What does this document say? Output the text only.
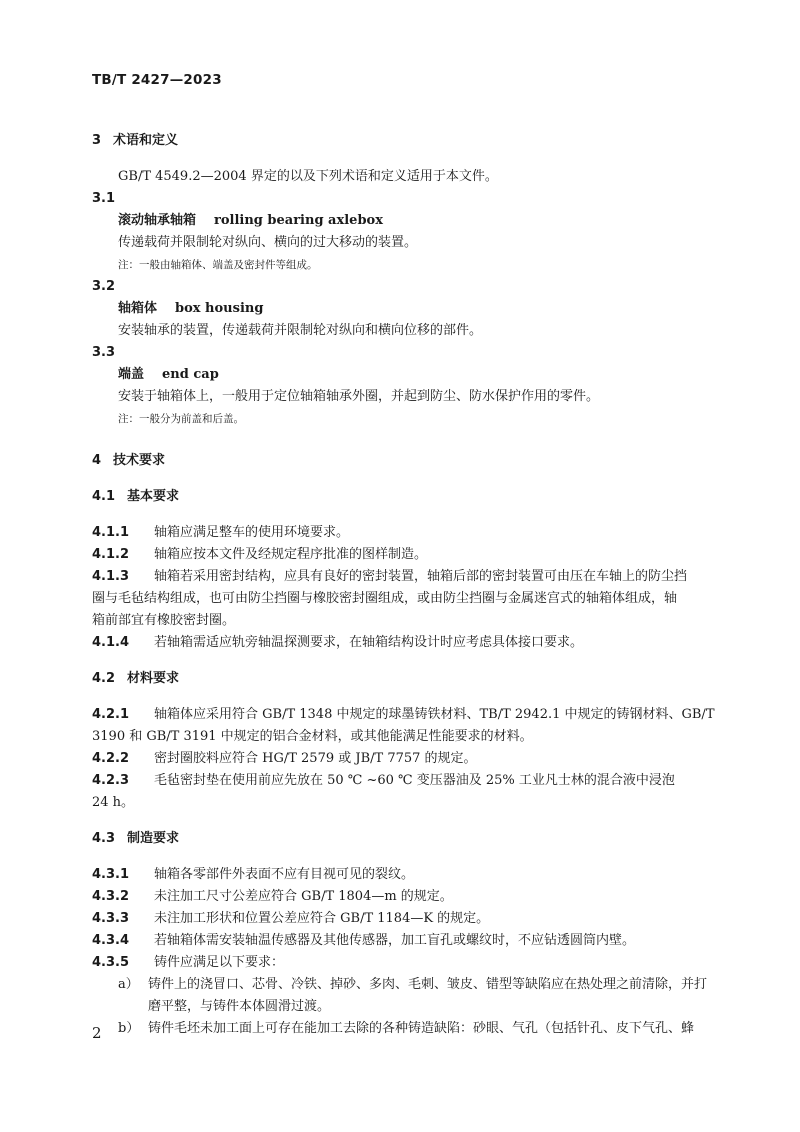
TB/T 2427—2023
3 术语和定义
GB/T 4549.2—2004 界定的以及下列术语和定义适用于本文件。
3.1
滚动轴承轴箱 rolling bearing axlebox
传递载荷并限制轮对纵向、横向的过大移动的装置。
注：一般由轴箱体、端盖及密封件等组成。
3.2
轴箱体 box housing
安装轴承的装置，传递载荷并限制轮对纵向和横向位移的部件。
3.3
端盖 end cap
安装于轴箱体上，一般用于定位轴箱轴承外圈，并起到防尘、防水保护作用的零件。
注：一般分为前盖和后盖。
4 技术要求
4.1 基本要求
4.1.1 轴箱应满足整车的使用环境要求。
4.1.2 轴箱应按本文件及经规定程序批准的图样制造。
4.1.3 轴箱若采用密封结构，应具有良好的密封装置，轴箱后部的密封装置可由压在车轴上的防尘挡
圈与毛毡结构组成，也可由防尘挡圈与橡胶密封圈组成，或由防尘挡圈与金属迷宫式的轴箱体组成，轴
箱前部宜有橡胶密封圈。
4.1.4 若轴箱需适应轨旁轴温探测要求，在轴箱结构设计时应考虑具体接口要求。
4.2 材料要求
4.2.1 轴箱体应采用符合 GB/T 1348 中规定的球墨铸铁材料、TB/T 2942.1 中规定的铸钢材料、GB/T
3190 和 GB/T 3191 中规定的铝合金材料，或其他能满足性能要求的材料。
4.2.2 密封圈胶料应符合 HG/T 2579 或 JB/T 7757 的规定。
4.2.3 毛毡密封垫在使用前应先放在 50 ℃ ~60 ℃ 变压器油及 25% 工业凡士林的混合液中浸泡
24 h。
4.3 制造要求
4.3.1 轴箱各零部件外表面不应有目视可见的裂纹。
4.3.2 未注加工尺寸公差应符合 GB/T 1804—m 的规定。
4.3.3 未注加工形状和位置公差应符合 GB/T 1184—K 的规定。
4.3.4 若轴箱体需安装轴温传感器及其他传感器，加工盲孔或螺纹时，不应钻透圆筒内壁。
4.3.5 铸件应满足以下要求：
a） 铸件上的浇冒口、芯骨、冷铁、掉砂、多肉、毛刺、皱皮、错型等缺陷应在热处理之前清除，并打
磨平整，与铸件本体圆滑过渡。
b） 铸件毛坯未加工面上可存在能加工去除的各种铸造缺陷：砂眼、气孔（包括针孔、皮下气孔、蜂
2
